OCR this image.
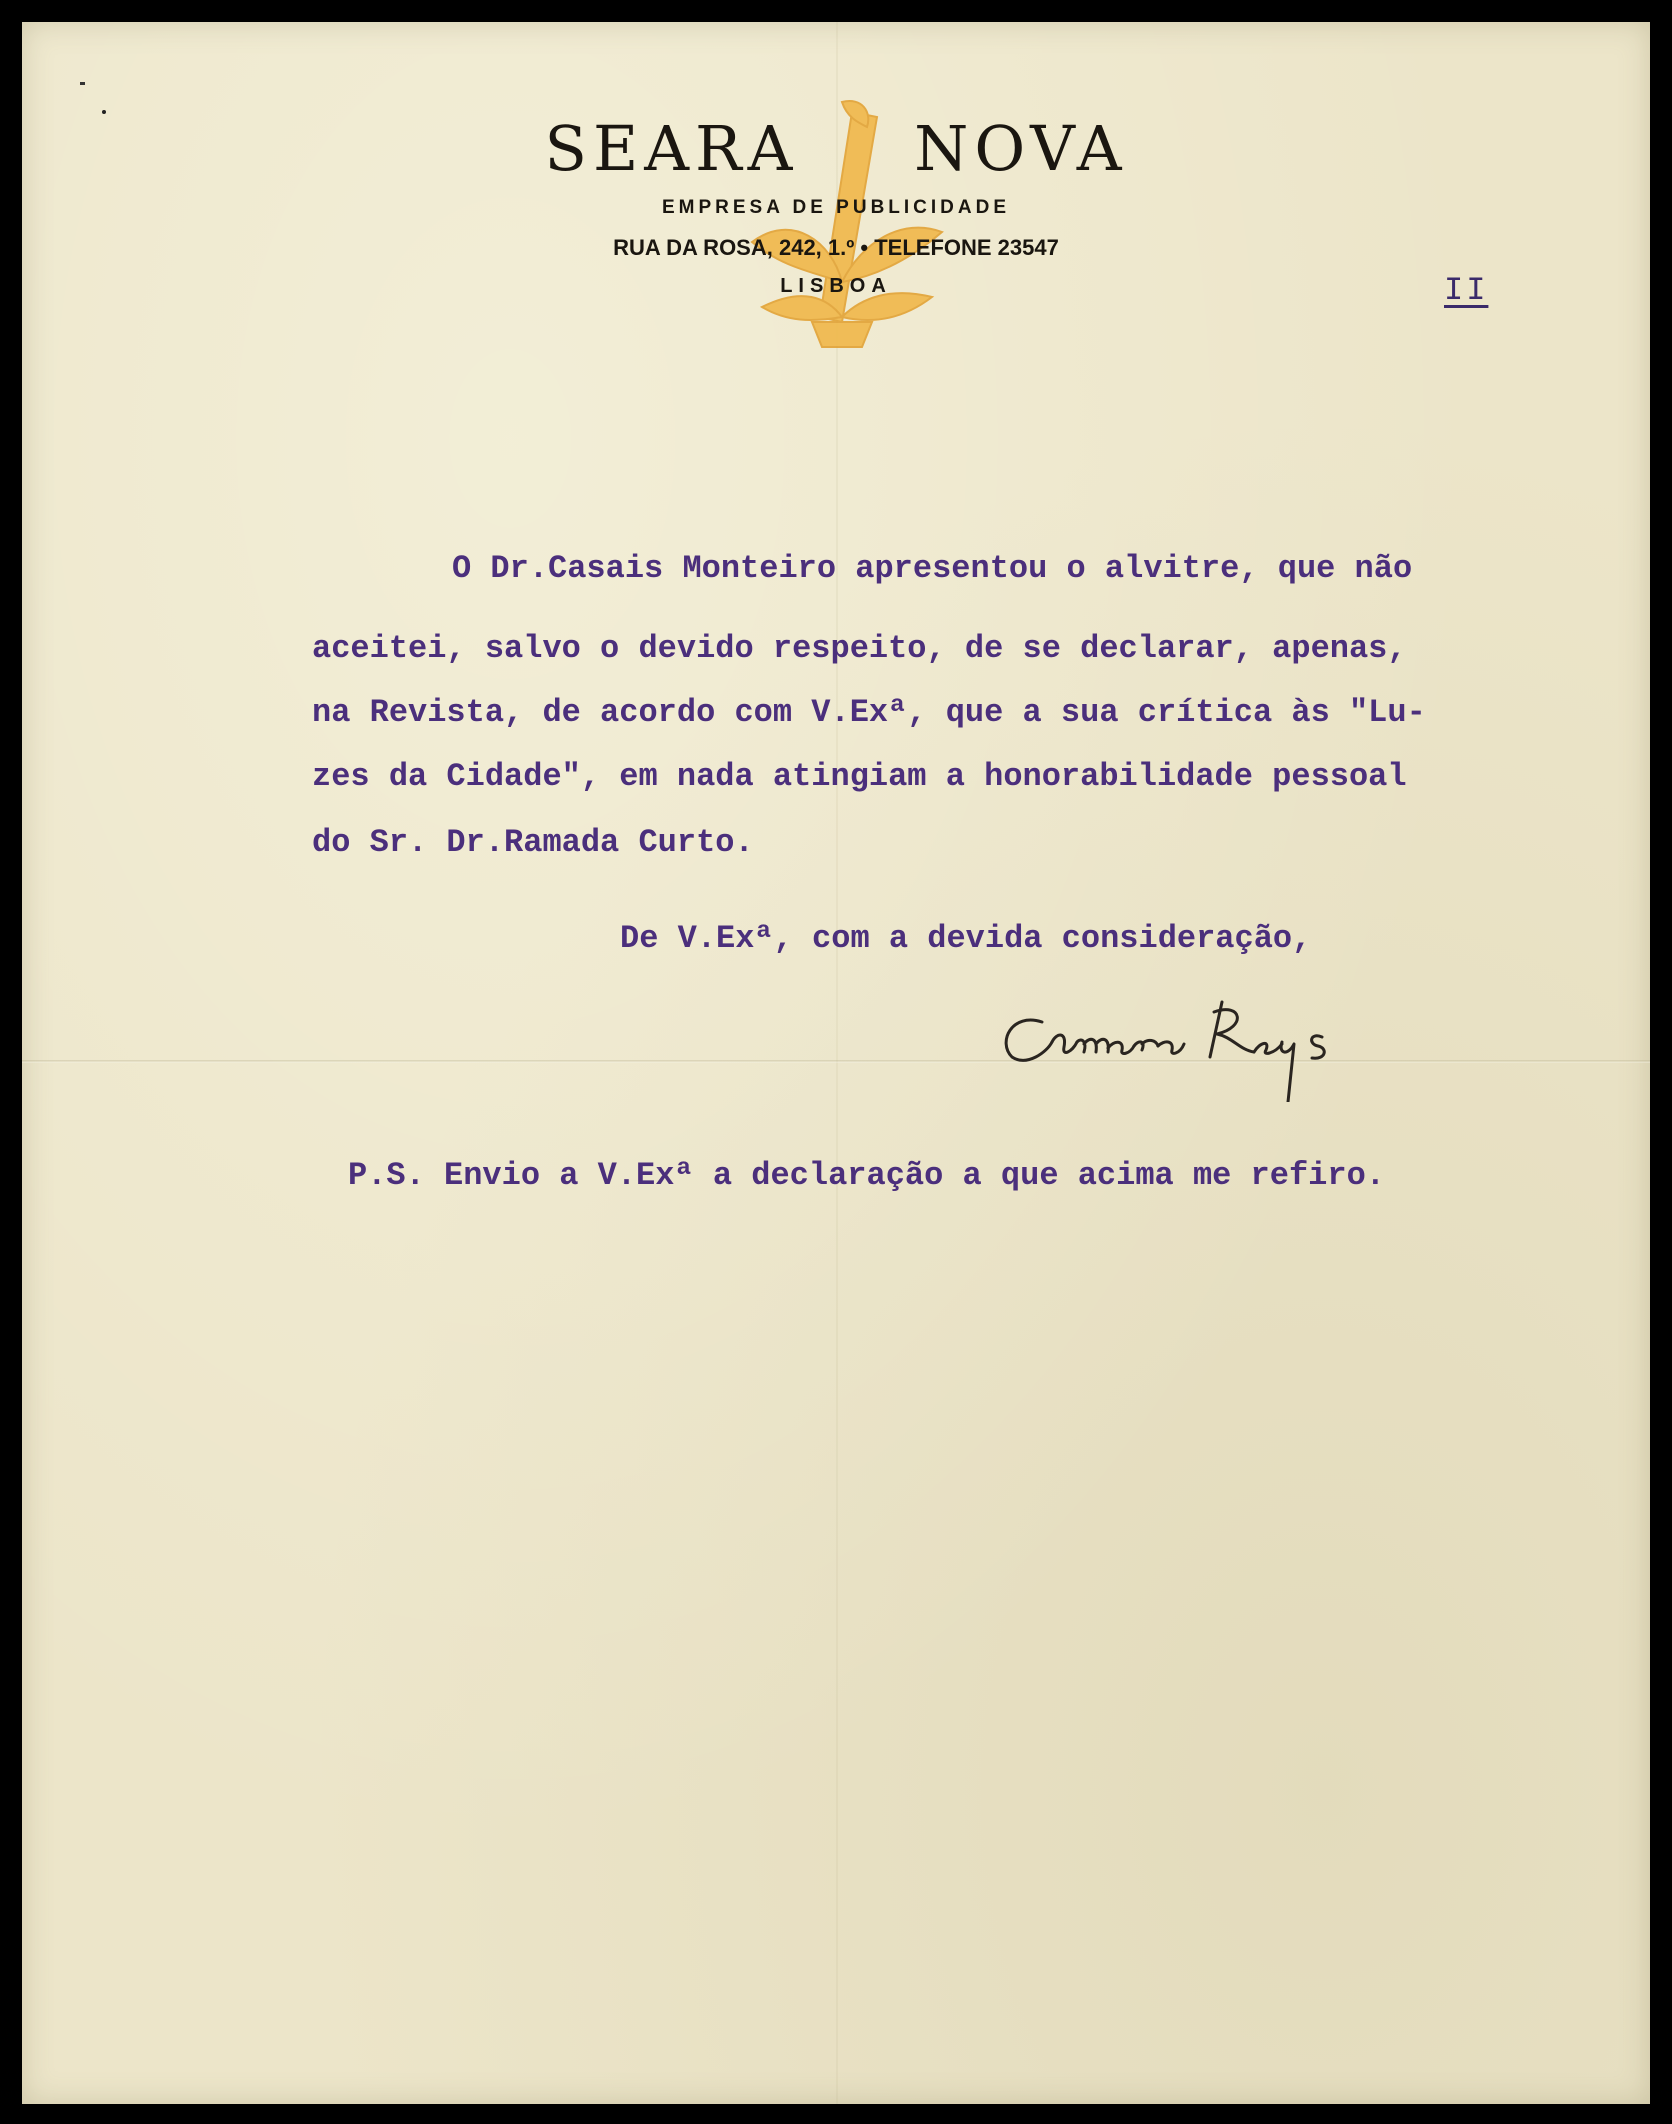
SEARA NOVA
EMPRESA DE PUBLICIDADE
RUA DA ROSA, 242, 1.º • TELEFONE 23547
LISBOA	II
O Dr.Casais Monteiro apresentou o alvitre, que não
aceitei, salvo o devido respeito, de se declarar, apenas,
na Revista, de acordo com V.Exª, que a sua crítica às "Lu-
zes da Cidade", em nada atingiam a honorabilidade pessoal
do Sr. Dr.Ramada Curto.
De V.Exª, com a devida consideração,
P.S. Envio a V.Exª a declaração a que acima me refiro.
